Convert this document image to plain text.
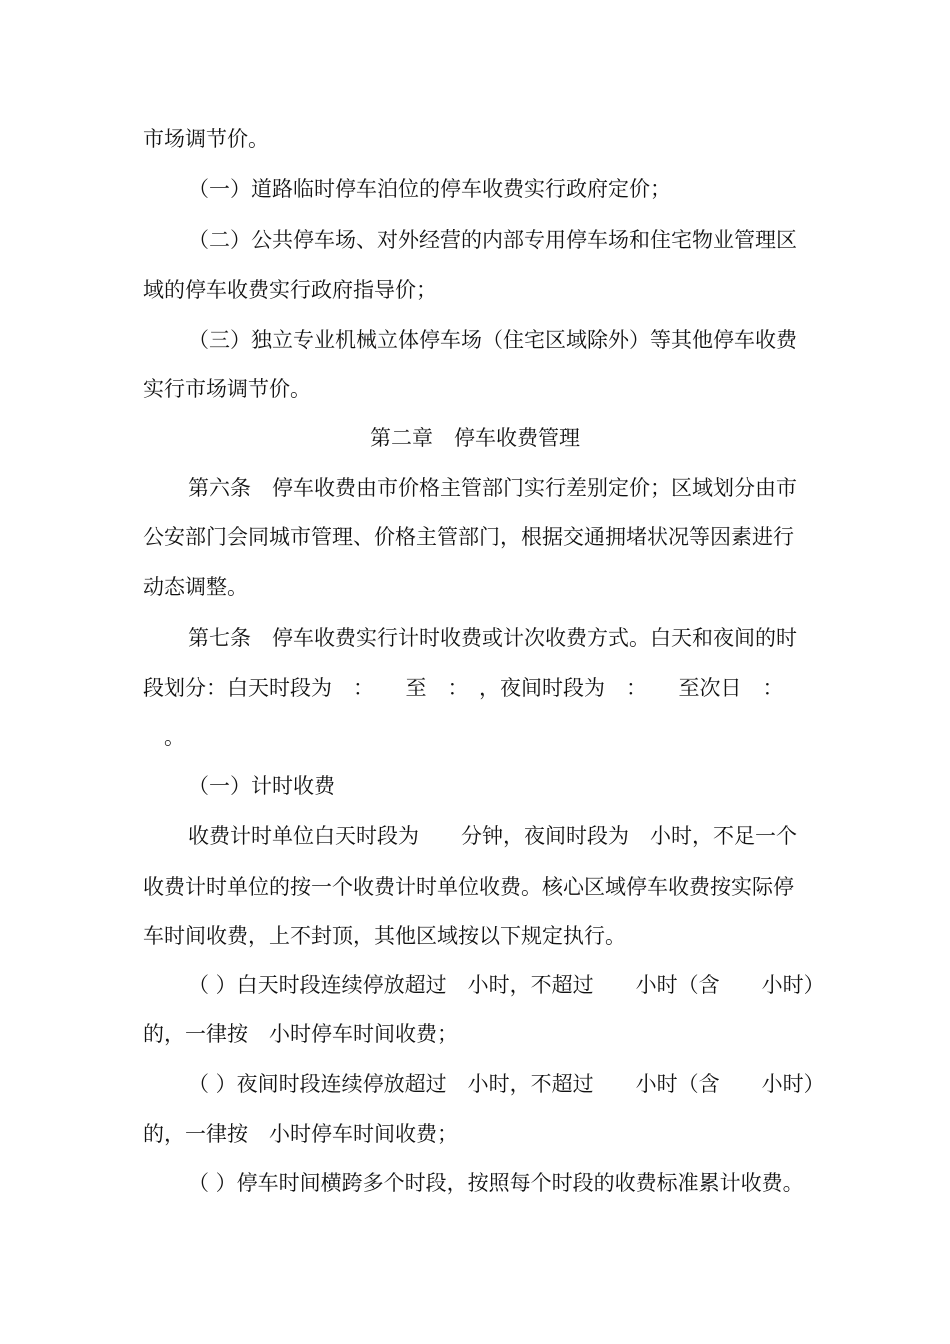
市场调节价。

（一）道路临时停车泊位的停车收费实行政府定价；

（二）公共停车场、对外经营的内部专用停车场和住宅物业管理区

域的停车收费实行政府指导价；

（三）独立专业机械立体停车场（住宅区域除外）等其他停车收费

实行市场调节价。

第二章　停车收费管理

第六条　停车收费由市价格主管部门实行差别定价；区域划分由市

公安部门会同城市管理、价格主管部门，根据交通拥堵状况等因素进行

动态调整。

第七条　停车收费实行计时收费或计次收费方式。白天和夜间的时

段划分：白天时段为　：　　至　：　，夜间时段为　：　　至次日　：

　。

（一）计时收费

收费计时单位白天时段为　　分钟，夜间时段为　小时，不足一个

收费计时单位的按一个收费计时单位收费。核心区域停车收费按实际停

车时间收费，上不封顶，其他区域按以下规定执行。

（ ）白天时段连续停放超过　小时，不超过　　小时（含　　小时）

的，一律按　小时停车时间收费；

（ ）夜间时段连续停放超过　小时，不超过　　小时（含　　小时）

的，一律按　小时停车时间收费；

（ ）停车时间横跨多个时段，按照每个时段的收费标准累计收费。
